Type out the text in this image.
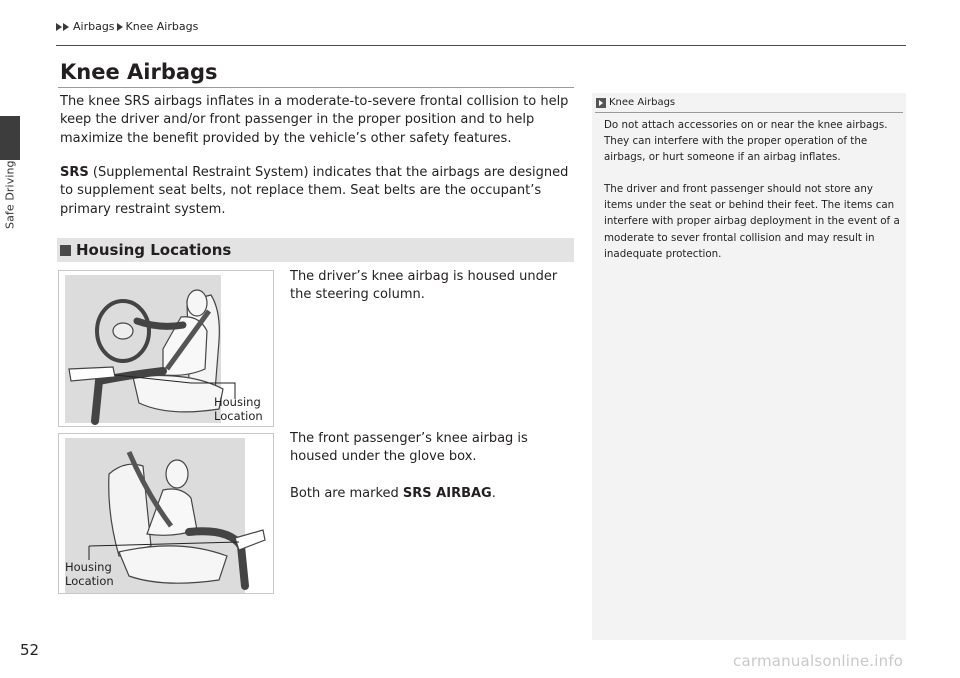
Safe Driving
Airbags Knee Airbags
Knee Airbags

The knee SRS airbags inflates in a moderate-to-severe frontal collision to help keep the driver and/or front passenger in the proper position and to help maximize the benefit provided by the vehicle’s other safety features.

SRS (Supplemental Restraint System) indicates that the airbags are designed to supplement seat belts, not replace them. Seat belts are the occupant’s primary restraint system.

Housing Locations
Housing
Location
Housing
Location

The driver’s knee airbag is housed under the steering column.

The front passenger’s knee airbag is housed under the glove box.

Both are marked SRS AIRBAG.

Knee Airbags

Do not attach accessories on or near the knee airbags. They can interfere with the proper operation of the airbags, or hurt someone if an airbag inflates.

The driver and front passenger should not store any items under the seat or behind their feet. The items can interfere with proper airbag deployment in the event of a moderate to sever frontal collision and may result in inadequate protection.

52
carmanualsonline.info
